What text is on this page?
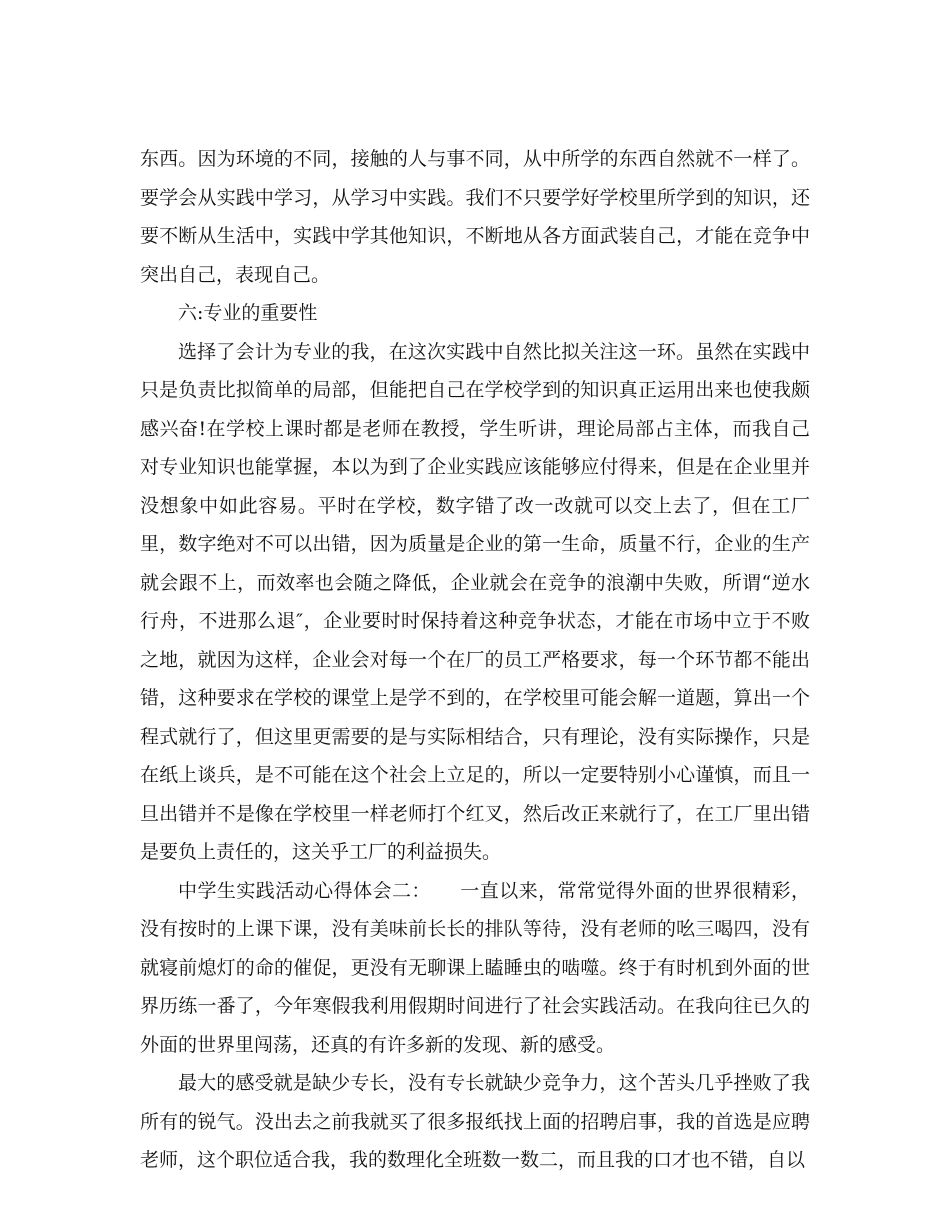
东西。因为环境的不同，接触的人与事不同，从中所学的东西自然就不一样了。要学会从实践中学习，从学习中实践。我们不只要学好学校里所学到的知识，还要不断从生活中，实践中学其他知识，不断地从各方面武装自己，才能在竞争中突出自己，表现自己。

六:专业的重要性

选择了会计为专业的我，在这次实践中自然比拟关注这一环。虽然在实践中只是负责比拟简单的局部，但能把自己在学校学到的知识真正运用出来也使我颇感兴奋!在学校上课时都是老师在教授，学生听讲，理论局部占主体，而我自己对专业知识也能掌握，本以为到了企业实践应该能够应付得来，但是在企业里并没想象中如此容易。平时在学校，数字错了改一改就可以交上去了，但在工厂里，数字绝对不可以出错，因为质量是企业的第一生命，质量不行，企业的生产就会跟不上，而效率也会随之降低，企业就会在竞争的浪潮中失败，所谓“逆水行舟，不进那么退″，企业要时时保持着这种竞争状态，才能在市场中立于不败之地，就因为这样，企业会对每一个在厂的员工严格要求，每一个环节都不能出错，这种要求在学校的课堂上是学不到的，在学校里可能会解一道题，算出一个程式就行了，但这里更需要的是与实际相结合，只有理论，没有实际操作，只是在纸上谈兵，是不可能在这个社会上立足的，所以一定要特别小心谨慎，而且一旦出错并不是像在学校里一样老师打个红叉，然后改正来就行了，在工厂里出错是要负上责任的，这关乎工厂的利益损失。

中学生实践活动心得体会二：　　一直以来，常常觉得外面的世界很精彩，没有按时的上课下课，没有美味前长长的排队等待，没有老师的吆三喝四，没有就寝前熄灯的命的催促，更没有无聊课上瞌睡虫的啮噬。终于有时机到外面的世界历练一番了，今年寒假我利用假期时间进行了社会实践活动。在我向往已久的外面的世界里闯荡，还真的有许多新的发现、新的感受。

最大的感受就是缺少专长，没有专长就缺少竞争力，这个苦头几乎挫败了我所有的锐气。没出去之前我就买了很多报纸找上面的招聘启事，我的首选是应聘老师，这个职位适合我，我的数理化全班数一数二，而且我的口才也不错，自以
